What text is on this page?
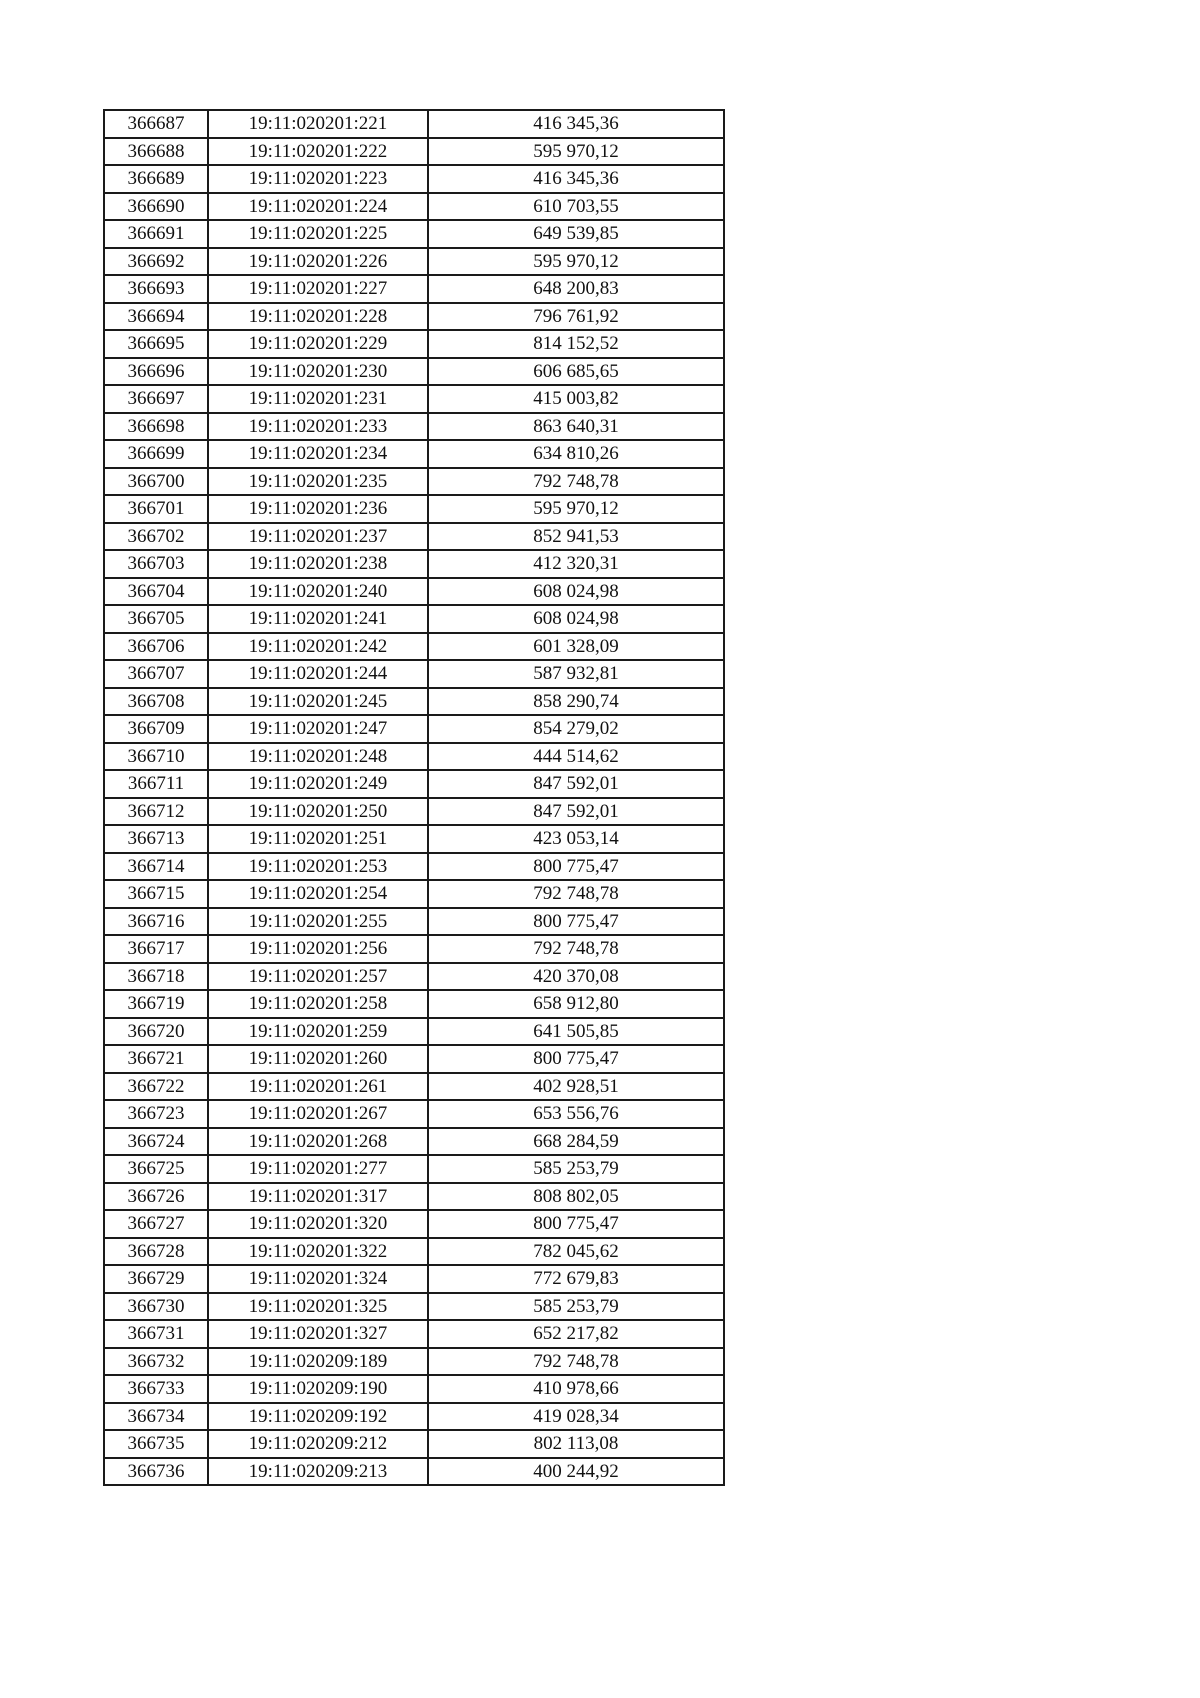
366687	19:11:020201:221	416 345,36
366688	19:11:020201:222	595 970,12
366689	19:11:020201:223	416 345,36
366690	19:11:020201:224	610 703,55
366691	19:11:020201:225	649 539,85
366692	19:11:020201:226	595 970,12
366693	19:11:020201:227	648 200,83
366694	19:11:020201:228	796 761,92
366695	19:11:020201:229	814 152,52
366696	19:11:020201:230	606 685,65
366697	19:11:020201:231	415 003,82
366698	19:11:020201:233	863 640,31
366699	19:11:020201:234	634 810,26
366700	19:11:020201:235	792 748,78
366701	19:11:020201:236	595 970,12
366702	19:11:020201:237	852 941,53
366703	19:11:020201:238	412 320,31
366704	19:11:020201:240	608 024,98
366705	19:11:020201:241	608 024,98
366706	19:11:020201:242	601 328,09
366707	19:11:020201:244	587 932,81
366708	19:11:020201:245	858 290,74
366709	19:11:020201:247	854 279,02
366710	19:11:020201:248	444 514,62
366711	19:11:020201:249	847 592,01
366712	19:11:020201:250	847 592,01
366713	19:11:020201:251	423 053,14
366714	19:11:020201:253	800 775,47
366715	19:11:020201:254	792 748,78
366716	19:11:020201:255	800 775,47
366717	19:11:020201:256	792 748,78
366718	19:11:020201:257	420 370,08
366719	19:11:020201:258	658 912,80
366720	19:11:020201:259	641 505,85
366721	19:11:020201:260	800 775,47
366722	19:11:020201:261	402 928,51
366723	19:11:020201:267	653 556,76
366724	19:11:020201:268	668 284,59
366725	19:11:020201:277	585 253,79
366726	19:11:020201:317	808 802,05
366727	19:11:020201:320	800 775,47
366728	19:11:020201:322	782 045,62
366729	19:11:020201:324	772 679,83
366730	19:11:020201:325	585 253,79
366731	19:11:020201:327	652 217,82
366732	19:11:020209:189	792 748,78
366733	19:11:020209:190	410 978,66
366734	19:11:020209:192	419 028,34
366735	19:11:020209:212	802 113,08
366736	19:11:020209:213	400 244,92
